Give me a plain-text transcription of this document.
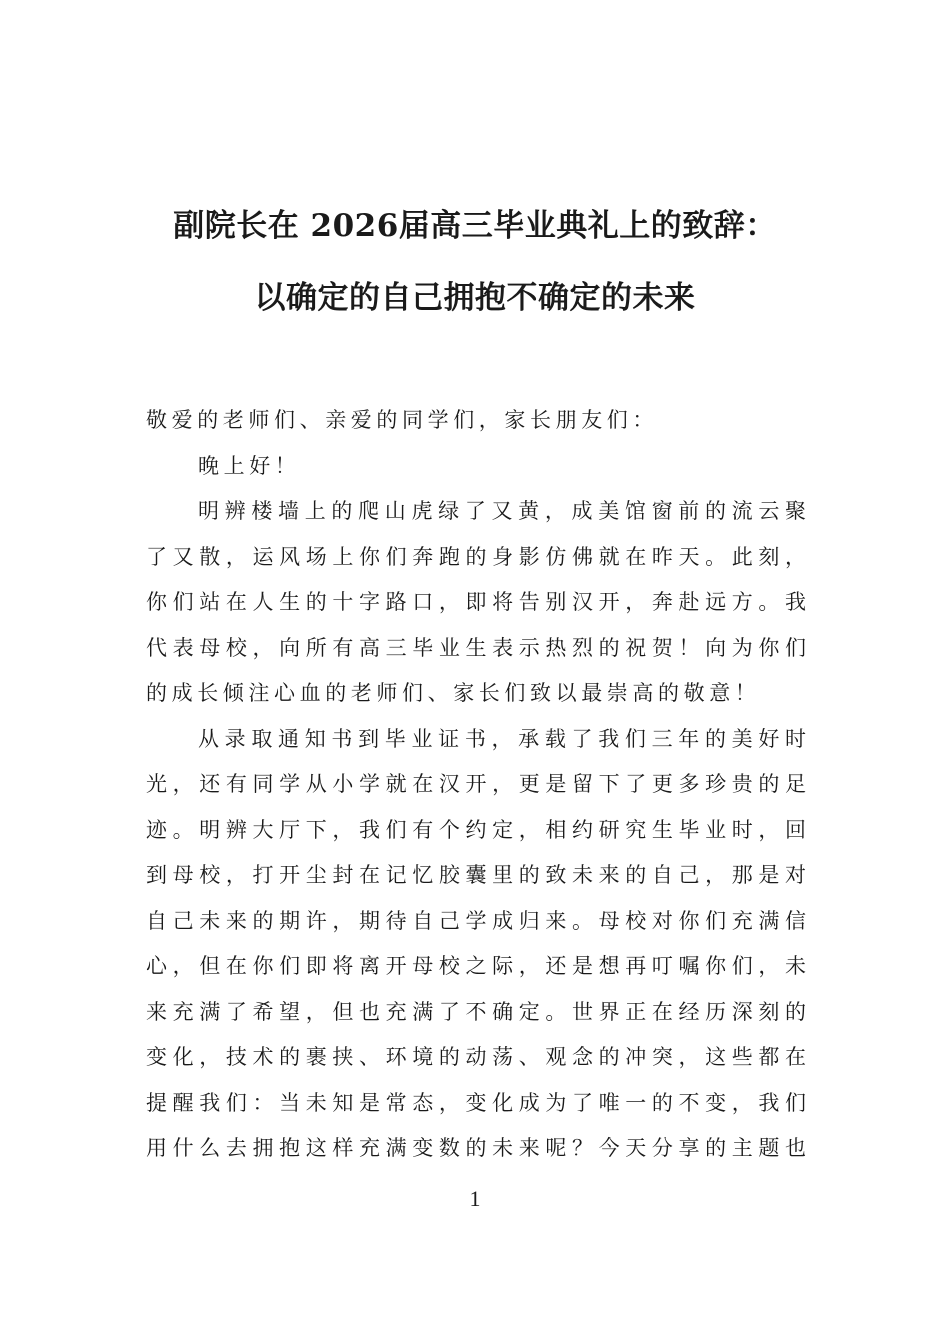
副院长在 2026届高三毕业典礼上的致辞：
以确定的自己拥抱不确定的未来
敬爱的老师们、亲爱的同学们，家长朋友们：
晚上好！
明辨楼墙上的爬山虎绿了又黄，成美馆窗前的流云聚
了又散，运风场上你们奔跑的身影仿佛就在昨天。此刻，
你们站在人生的十字路口，即将告别汉开，奔赴远方。我
代表母校，向所有高三毕业生表示热烈的祝贺！向为你们
的成长倾注心血的老师们、家长们致以最崇高的敬意！
从录取通知书到毕业证书，承载了我们三年的美好时
光，还有同学从小学就在汉开，更是留下了更多珍贵的足
迹。明辨大厅下，我们有个约定，相约研究生毕业时，回
到母校，打开尘封在记忆胶囊里的致未来的自己，那是对
自己未来的期许，期待自己学成归来。母校对你们充满信
心，但在你们即将离开母校之际，还是想再叮嘱你们，未
来充满了希望，但也充满了不确定。世界正在经历深刻的
变化，技术的裹挟、环境的动荡、观念的冲突，这些都在
提醒我们：当未知是常态，变化成为了唯一的不变，我们
用什么去拥抱这样充满变数的未来呢？今天分享的主题也
1
